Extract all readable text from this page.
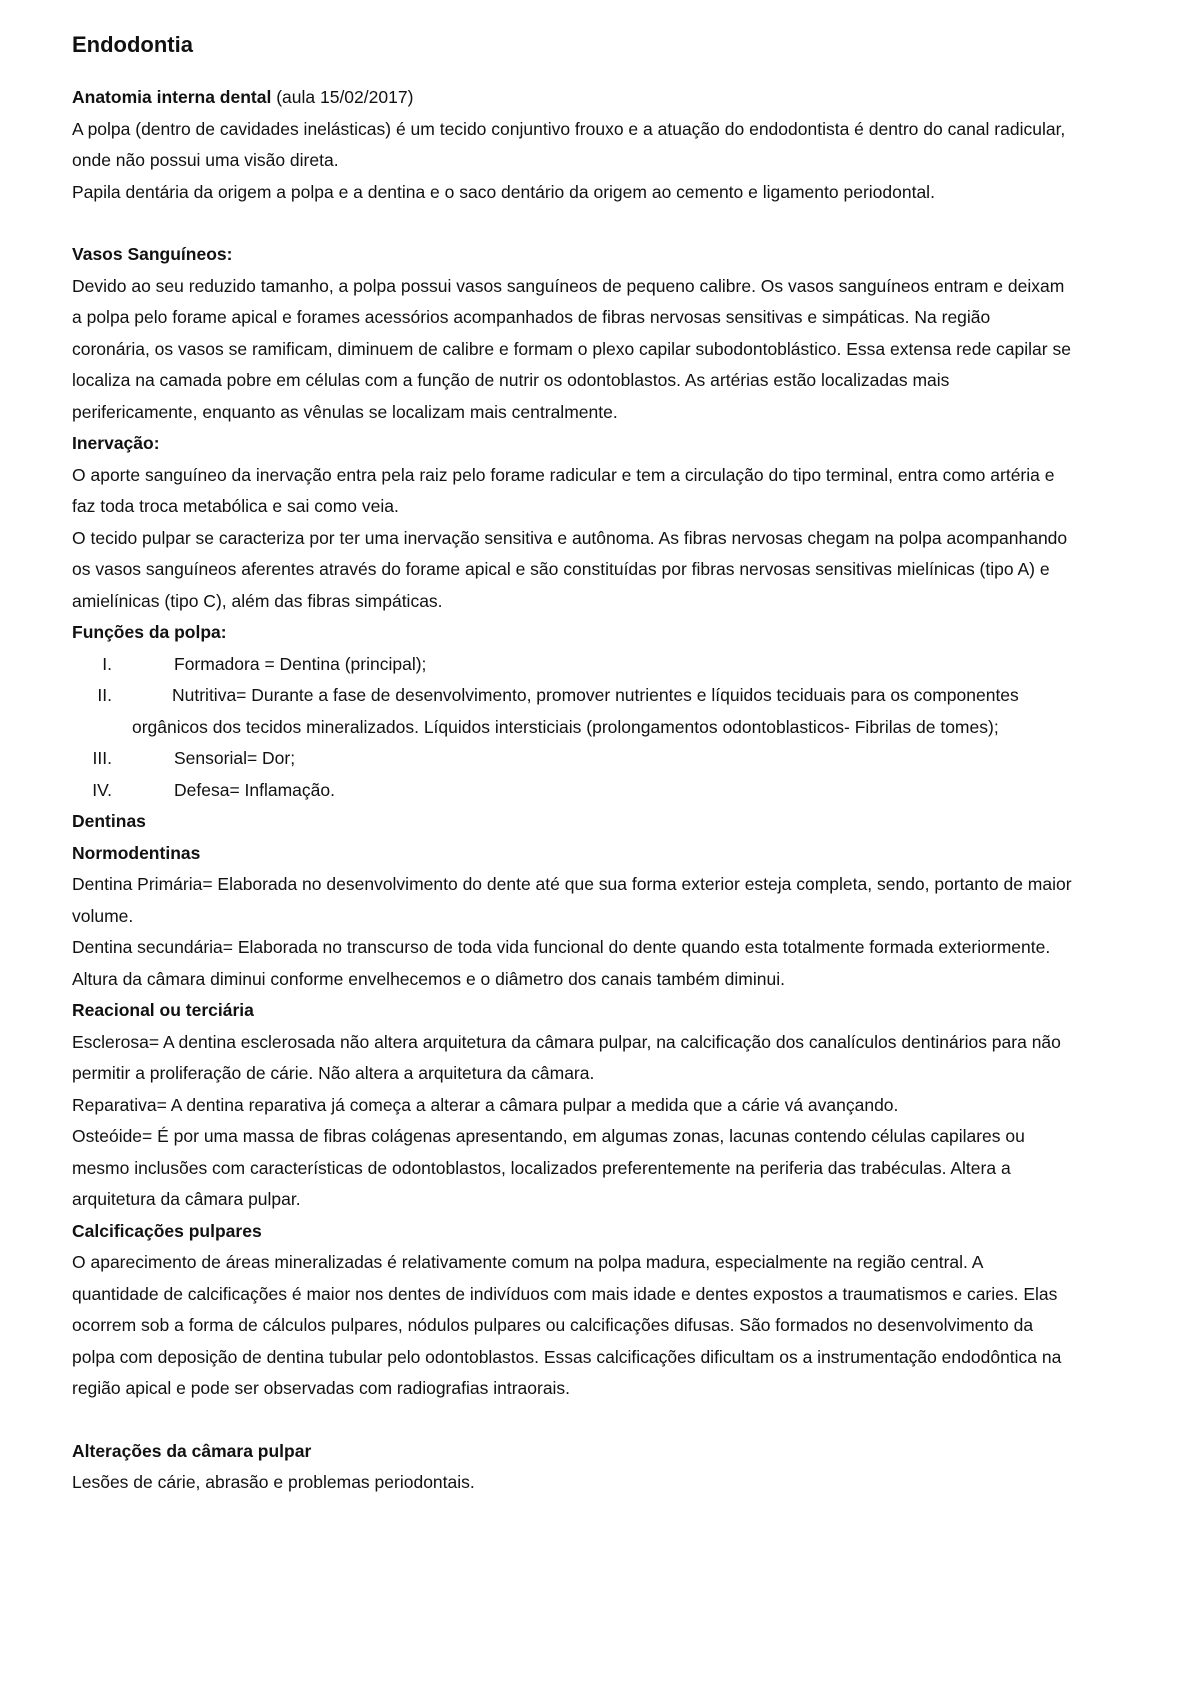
Endodontia

Anatomia interna dental (aula 15/02/2017)

A polpa (dentro de cavidades inelásticas) é um tecido conjuntivo frouxo e a atuação do endodontista é dentro do canal radicular, onde não possui uma visão direta.

Papila dentária da origem a polpa e a dentina e o saco dentário da origem ao cemento e ligamento periodontal.

Vasos Sanguíneos:

Devido ao seu reduzido tamanho, a polpa possui vasos sanguíneos de pequeno calibre. Os vasos sanguíneos entram e deixam a polpa pelo forame apical e forames acessórios acompanhados de fibras nervosas sensitivas e simpáticas. Na região coronária, os vasos se ramificam, diminuem de calibre e formam o plexo capilar subodontoblástico. Essa extensa rede capilar se localiza na camada pobre em células com a função de nutrir os odontoblastos. As artérias estão localizadas mais perifericamente, enquanto as vênulas se localizam mais centralmente.

Inervação:

O aporte sanguíneo da inervação entra pela raiz pelo forame radicular e tem a circulação do tipo terminal, entra como artéria e faz toda troca metabólica e sai como veia.

O tecido pulpar se caracteriza por ter uma inervação sensitiva e autônoma. As fibras nervosas chegam na polpa acompanhando os vasos sanguíneos aferentes através do forame apical e são constituídas por fibras nervosas sensitivas mielínicas (tipo A) e amielínicas (tipo C), além das fibras simpáticas.

Funções da polpa:

I.	Formadora = Dentina (principal);
II.	Nutritiva= Durante a fase de desenvolvimento, promover nutrientes e líquidos teciduais para os componentes orgânicos dos tecidos mineralizados. Líquidos intersticiais (prolongamentos odontoblasticos- Fibrilas de tomes);
III.	Sensorial= Dor;
IV.	Defesa= Inflamação.

Dentinas

Normodentinas

Dentina Primária= Elaborada no desenvolvimento do dente até que sua forma exterior esteja completa, sendo, portanto de maior volume.

Dentina secundária= Elaborada no transcurso de toda vida funcional do dente quando esta totalmente formada exteriormente. Altura da câmara diminui conforme envelhecemos e o diâmetro dos canais também diminui.

Reacional ou terciária

Esclerosa= A dentina esclerosada não altera arquitetura da câmara pulpar, na calcificação dos canalículos dentinários para não permitir a proliferação de cárie. Não altera a arquitetura da câmara.

Reparativa= A dentina reparativa já começa a alterar a câmara pulpar a medida que a cárie vá avançando.

Osteóide= É por uma massa de fibras colágenas apresentando, em algumas zonas, lacunas contendo células capilares ou mesmo inclusões com características de odontoblastos, localizados preferentemente na periferia das trabéculas. Altera a arquitetura da câmara pulpar.

Calcificações pulpares

O aparecimento de áreas mineralizadas é relativamente comum na polpa madura, especialmente na região central. A quantidade de calcificações é maior nos dentes de indivíduos com mais idade e dentes expostos a traumatismos e caries. Elas ocorrem sob a forma de cálculos pulpares, nódulos pulpares ou calcificações difusas. São formados no desenvolvimento da polpa com deposição de dentina tubular pelo odontoblastos. Essas calcificações dificultam os a instrumentação endodôntica na região apical e pode ser observadas com radiografias intraorais.

Alterações da câmara pulpar

Lesões de cárie, abrasão e problemas periodontais.
